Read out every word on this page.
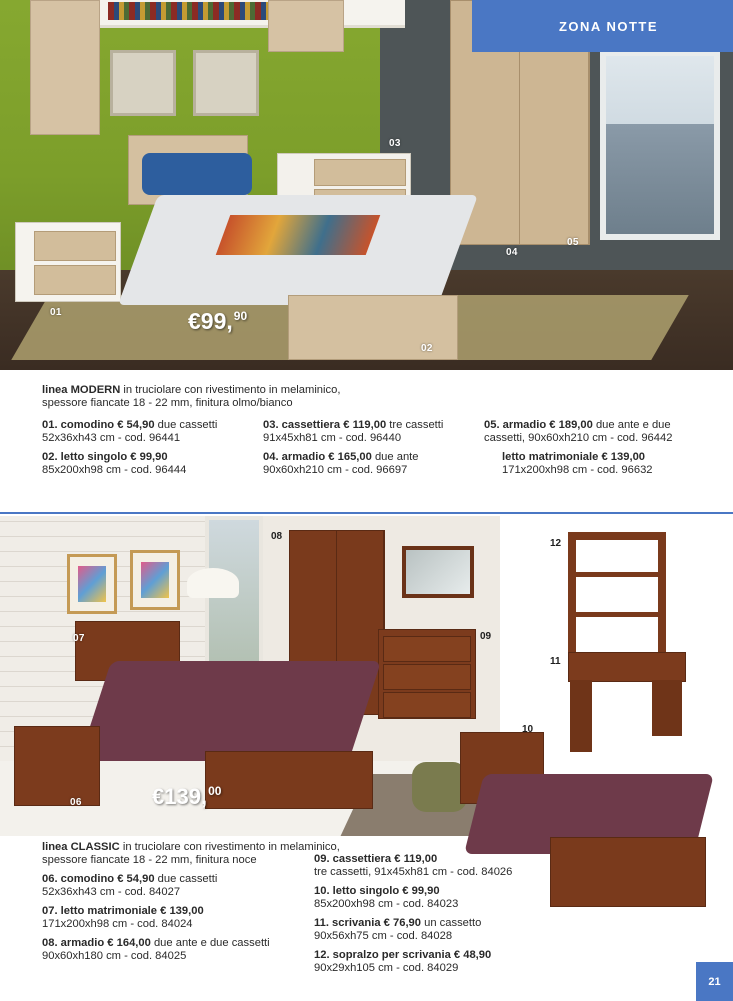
01
02
03
04
05
€99,90
ZONA NOTTE
linea MODERN in truciolare con rivestimento in melaminico,
spessore fiancate 18 - 22 mm, finitura olmo/bianco
01. comodino € 54,90 due cassetti
52x36xh43 cm - cod. 96441
02. letto singolo € 99,90
85x200xh98 cm - cod. 96444
03. cassettiera € 119,00 tre cassetti
91x45xh81 cm - cod. 96440
04. armadio € 165,00 due ante
90x60xh210 cm - cod. 96697
05. armadio € 189,00 due ante e due
cassetti, 90x60xh210 cm - cod. 96442
letto matrimoniale € 139,00
171x200xh98 cm - cod. 96632
06
07
08
09
10
11
12
€139,00
linea CLASSIC in truciolare con rivestimento in melaminico,
spessore fiancate 18 - 22 mm, finitura noce
06. comodino € 54,90 due cassetti
52x36xh43 cm - cod. 84027
07. letto matrimoniale € 139,00
171x200xh98 cm - cod. 84024
08. armadio € 164,00 due ante e due cassetti
90x60xh180 cm - cod. 84025
09. cassettiera € 119,00
tre cassetti, 91x45xh81 cm - cod. 84026
10. letto singolo € 99,90
85x200xh98 cm - cod. 84023
11. scrivania € 76,90 un cassetto
90x56xh75 cm - cod. 84028
12. sopralzo per scrivania € 48,90
90x29xh105 cm - cod. 84029
21
